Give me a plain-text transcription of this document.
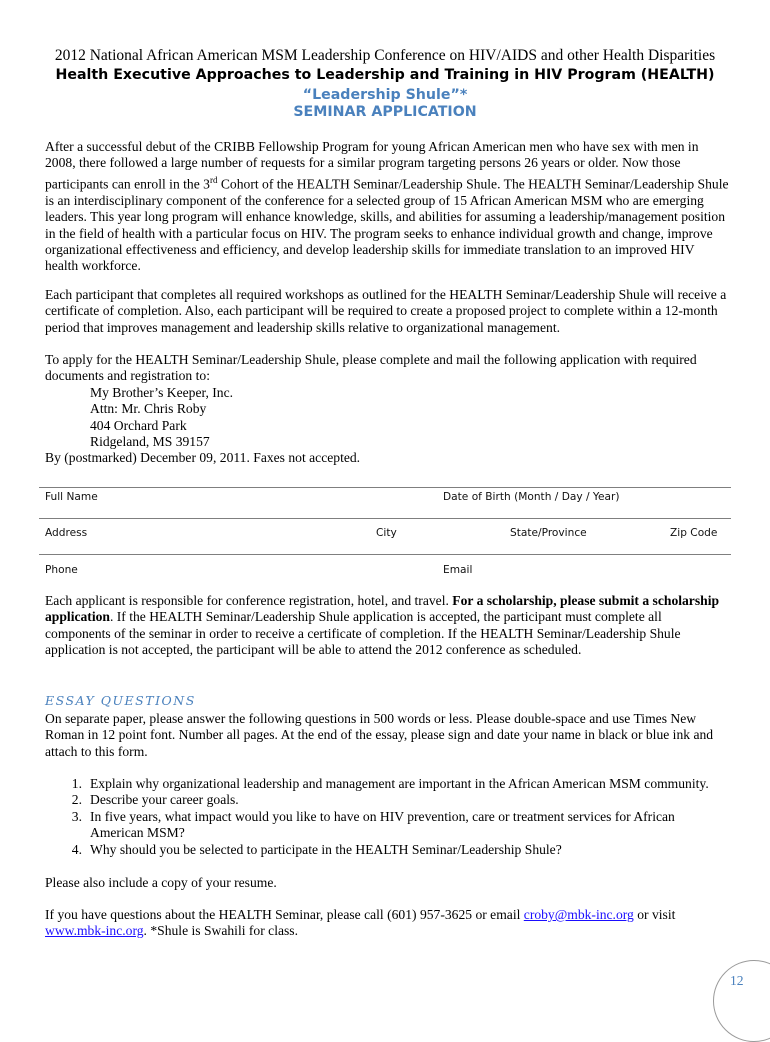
2012 National African American MSM Leadership Conference on HIV/AIDS and other Health Disparities
Health Executive Approaches to Leadership and Training in HIV Program (HEALTH)
“Leadership Shule”*
SEMINAR APPLICATION

After a successful debut of the CRIBB Fellowship Program for young African American men who have sex with men in 2008, there followed a large number of requests for a similar program targeting persons 26 years or older. Now those participants can enroll in the 3rd Cohort of the HEALTH Seminar/Leadership Shule. The HEALTH Seminar/Leadership Shule is an interdisciplinary component of the conference for a selected group of 15 African American MSM who are emerging leaders. This year long program will enhance knowledge, skills, and abilities for assuming a leadership/management position in the field of health with a particular focus on HIV. The program seeks to enhance individual growth and change, improve organizational effectiveness and efficiency, and develop leadership skills for immediate translation to an improved HIV health workforce.

Each participant that completes all required workshops as outlined for the HEALTH Seminar/Leadership Shule will receive a certificate of completion. Also, each participant will be required to create a proposed project to complete within a 12-month period that improves management and leadership skills relative to organizational management.

To apply for the HEALTH Seminar/Leadership Shule, please complete and mail the following application with required documents and registration to:

My Brother’s Keeper, Inc.

Attn: Mr. Chris Roby

404 Orchard Park

Ridgeland, MS 39157

By (postmarked) December 09, 2011. Faxes not accepted.

Full Name	Date of Birth (Month / Day / Year)
Address	City	State/Province	Zip Code
Phone	Email

Each applicant is responsible for conference registration, hotel, and travel. For a scholarship, please submit a scholarship application. If the HEALTH Seminar/Leadership Shule application is accepted, the participant must complete all components of the seminar in order to receive a certificate of completion. If the HEALTH Seminar/Leadership Shule application is not accepted, the participant will be able to attend the 2012 conference as scheduled.

ESSAY QUESTIONS
On separate paper, please answer the following questions in 500 words or less. Please double-space and use Times New Roman in 12 point font. Number all pages. At the end of the essay, please sign and date your name in black or blue ink and attach to this form.
1. Explain why organizational leadership and management are important in the African American MSM community.
2. Describe your career goals.
3. In five years, what impact would you like to have on HIV prevention, care or treatment services for African American MSM?
4. Why should you be selected to participate in the HEALTH Seminar/Leadership Shule?
Please also include a copy of your resume.

If you have questions about the HEALTH Seminar, please call (601) 957-3625 or email croby@mbk-inc.org or visit www.mbk-inc.org. *Shule is Swahili for class.

12
